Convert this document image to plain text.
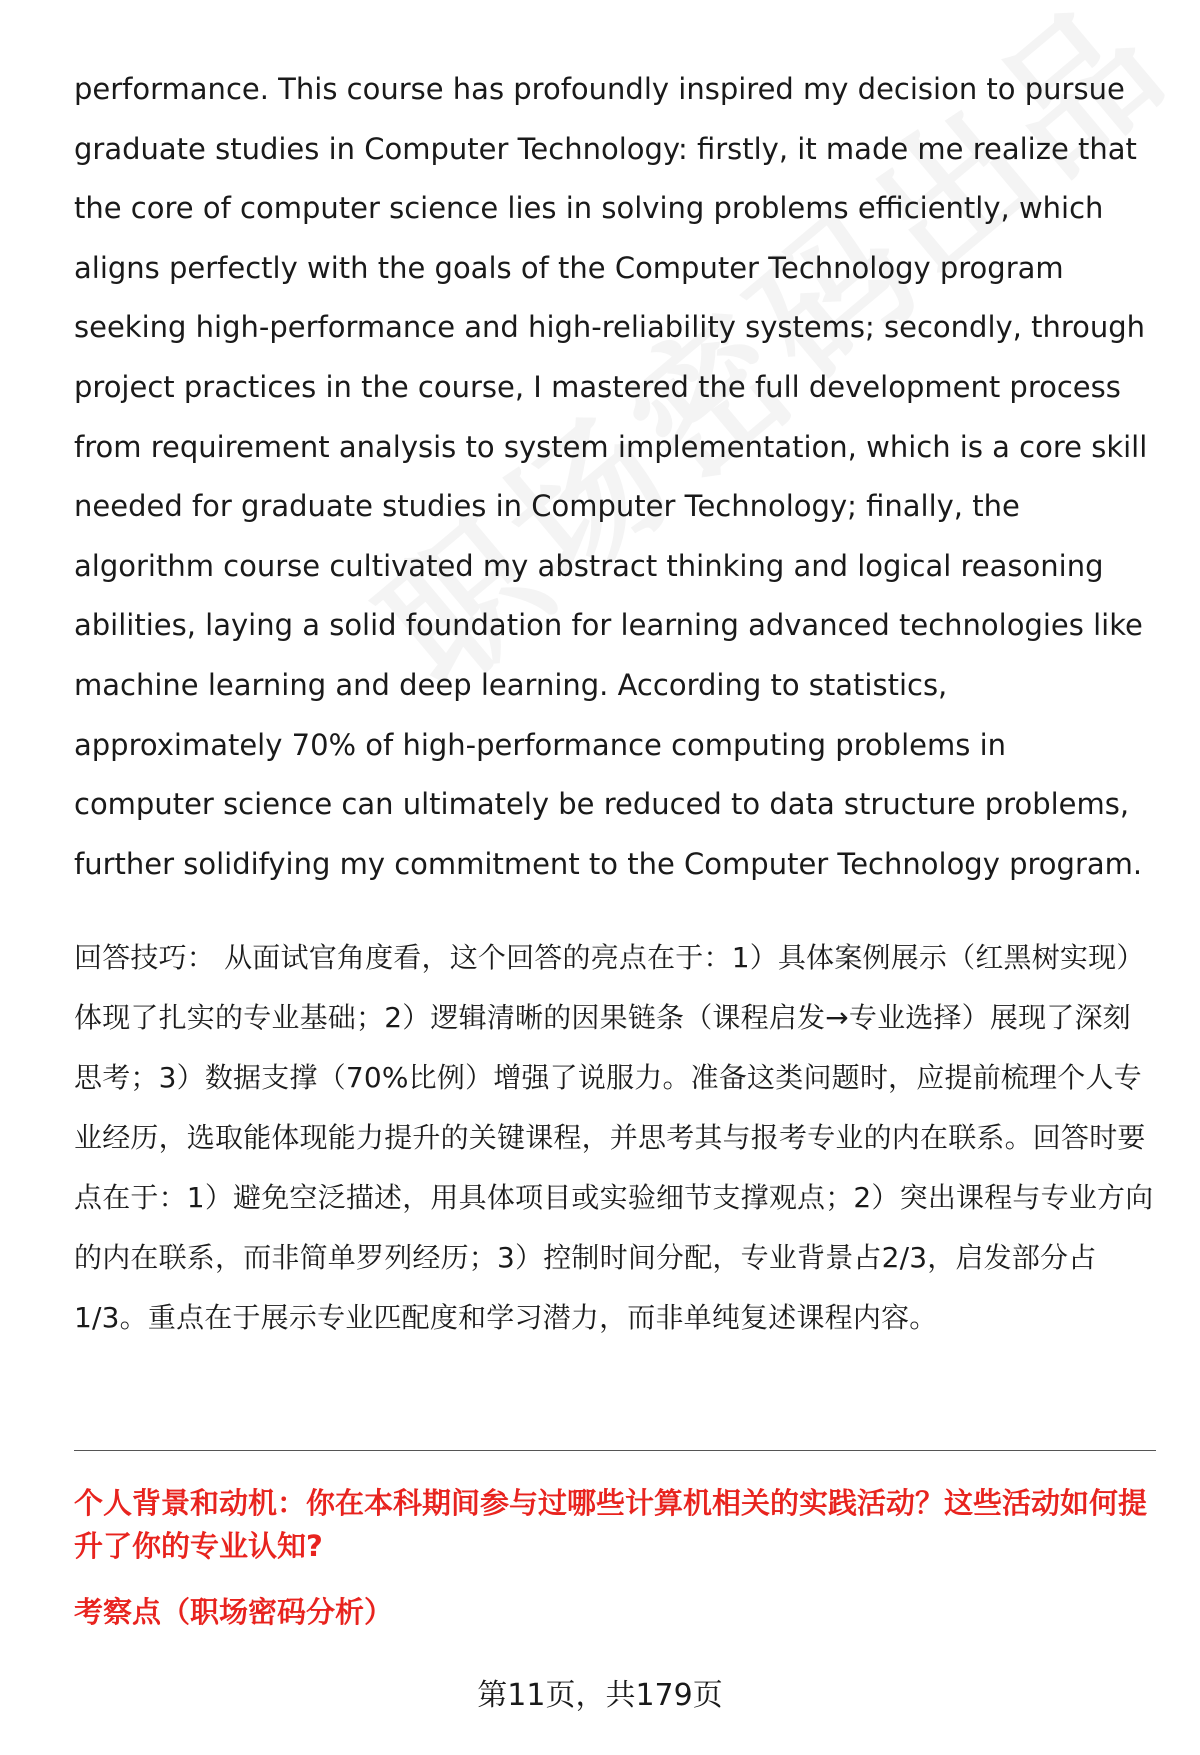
performance. This course has profoundly inspired my decision to pursue graduate studies in Computer Technology: firstly, it made me realize that the core of computer science lies in solving problems efficiently, which aligns perfectly with the goals of the Computer Technology program seeking high-performance and high-reliability systems; secondly, through project practices in the course, I mastered the full development process from requirement analysis to system implementation, which is a core skill needed for graduate studies in Computer Technology; finally, the algorithm course cultivated my abstract thinking and logical reasoning abilities, laying a solid foundation for learning advanced technologies like machine learning and deep learning. According to statistics, approximately 70% of high-performance computing problems in computer science can ultimately be reduced to data structure problems, further solidifying my commitment to the Computer Technology program.

回答技巧： 从面试官角度看，这个回答的亮点在于：1）具体案例展示（红黑树实现）体现了扎实的专业基础；2）逻辑清晰的因果链条（课程启发→专业选择）展现了深刻思考；3）数据支撑（70%比例）增强了说服力。准备这类问题时，应提前梳理个人专业经历，选取能体现能力提升的关键课程，并思考其与报考专业的内在联系。回答时要点在于：1）避免空泛描述，用具体项目或实验细节支撑观点；2）突出课程与专业方向的内在联系，而非简单罗列经历；3）控制时间分配，专业背景占2/3，启发部分占1/3。重点在于展示专业匹配度和学习潜力，而非单纯复述课程内容。

个人背景和动机：你在本科期间参与过哪些计算机相关的实践活动？这些活动如何提升了你的专业认知?

考察点（职场密码分析）

第11页，共179页
